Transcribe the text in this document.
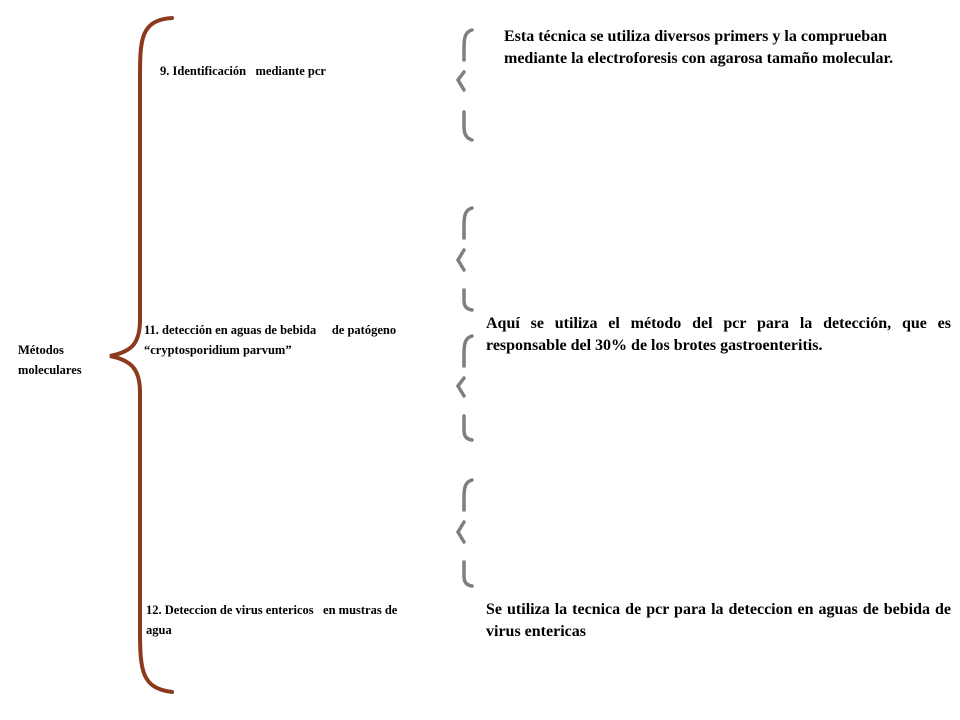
Métodos
moleculares
9. Identificación   mediante pcr
Esta técnica se utiliza diversos primers y la comprueban mediante la electroforesis con agarosa tamaño molecular.
11. detección en aguas de bebida     de patógeno
“cryptosporidium parvum”
Aquí se utiliza el método del pcr para la detección, que es responsable del 30% de los brotes gastroenteritis.
12. Deteccion de virus entericos   en mustras de
agua
Se utiliza la tecnica de pcr para la deteccion en aguas de bebida de virus entericas
